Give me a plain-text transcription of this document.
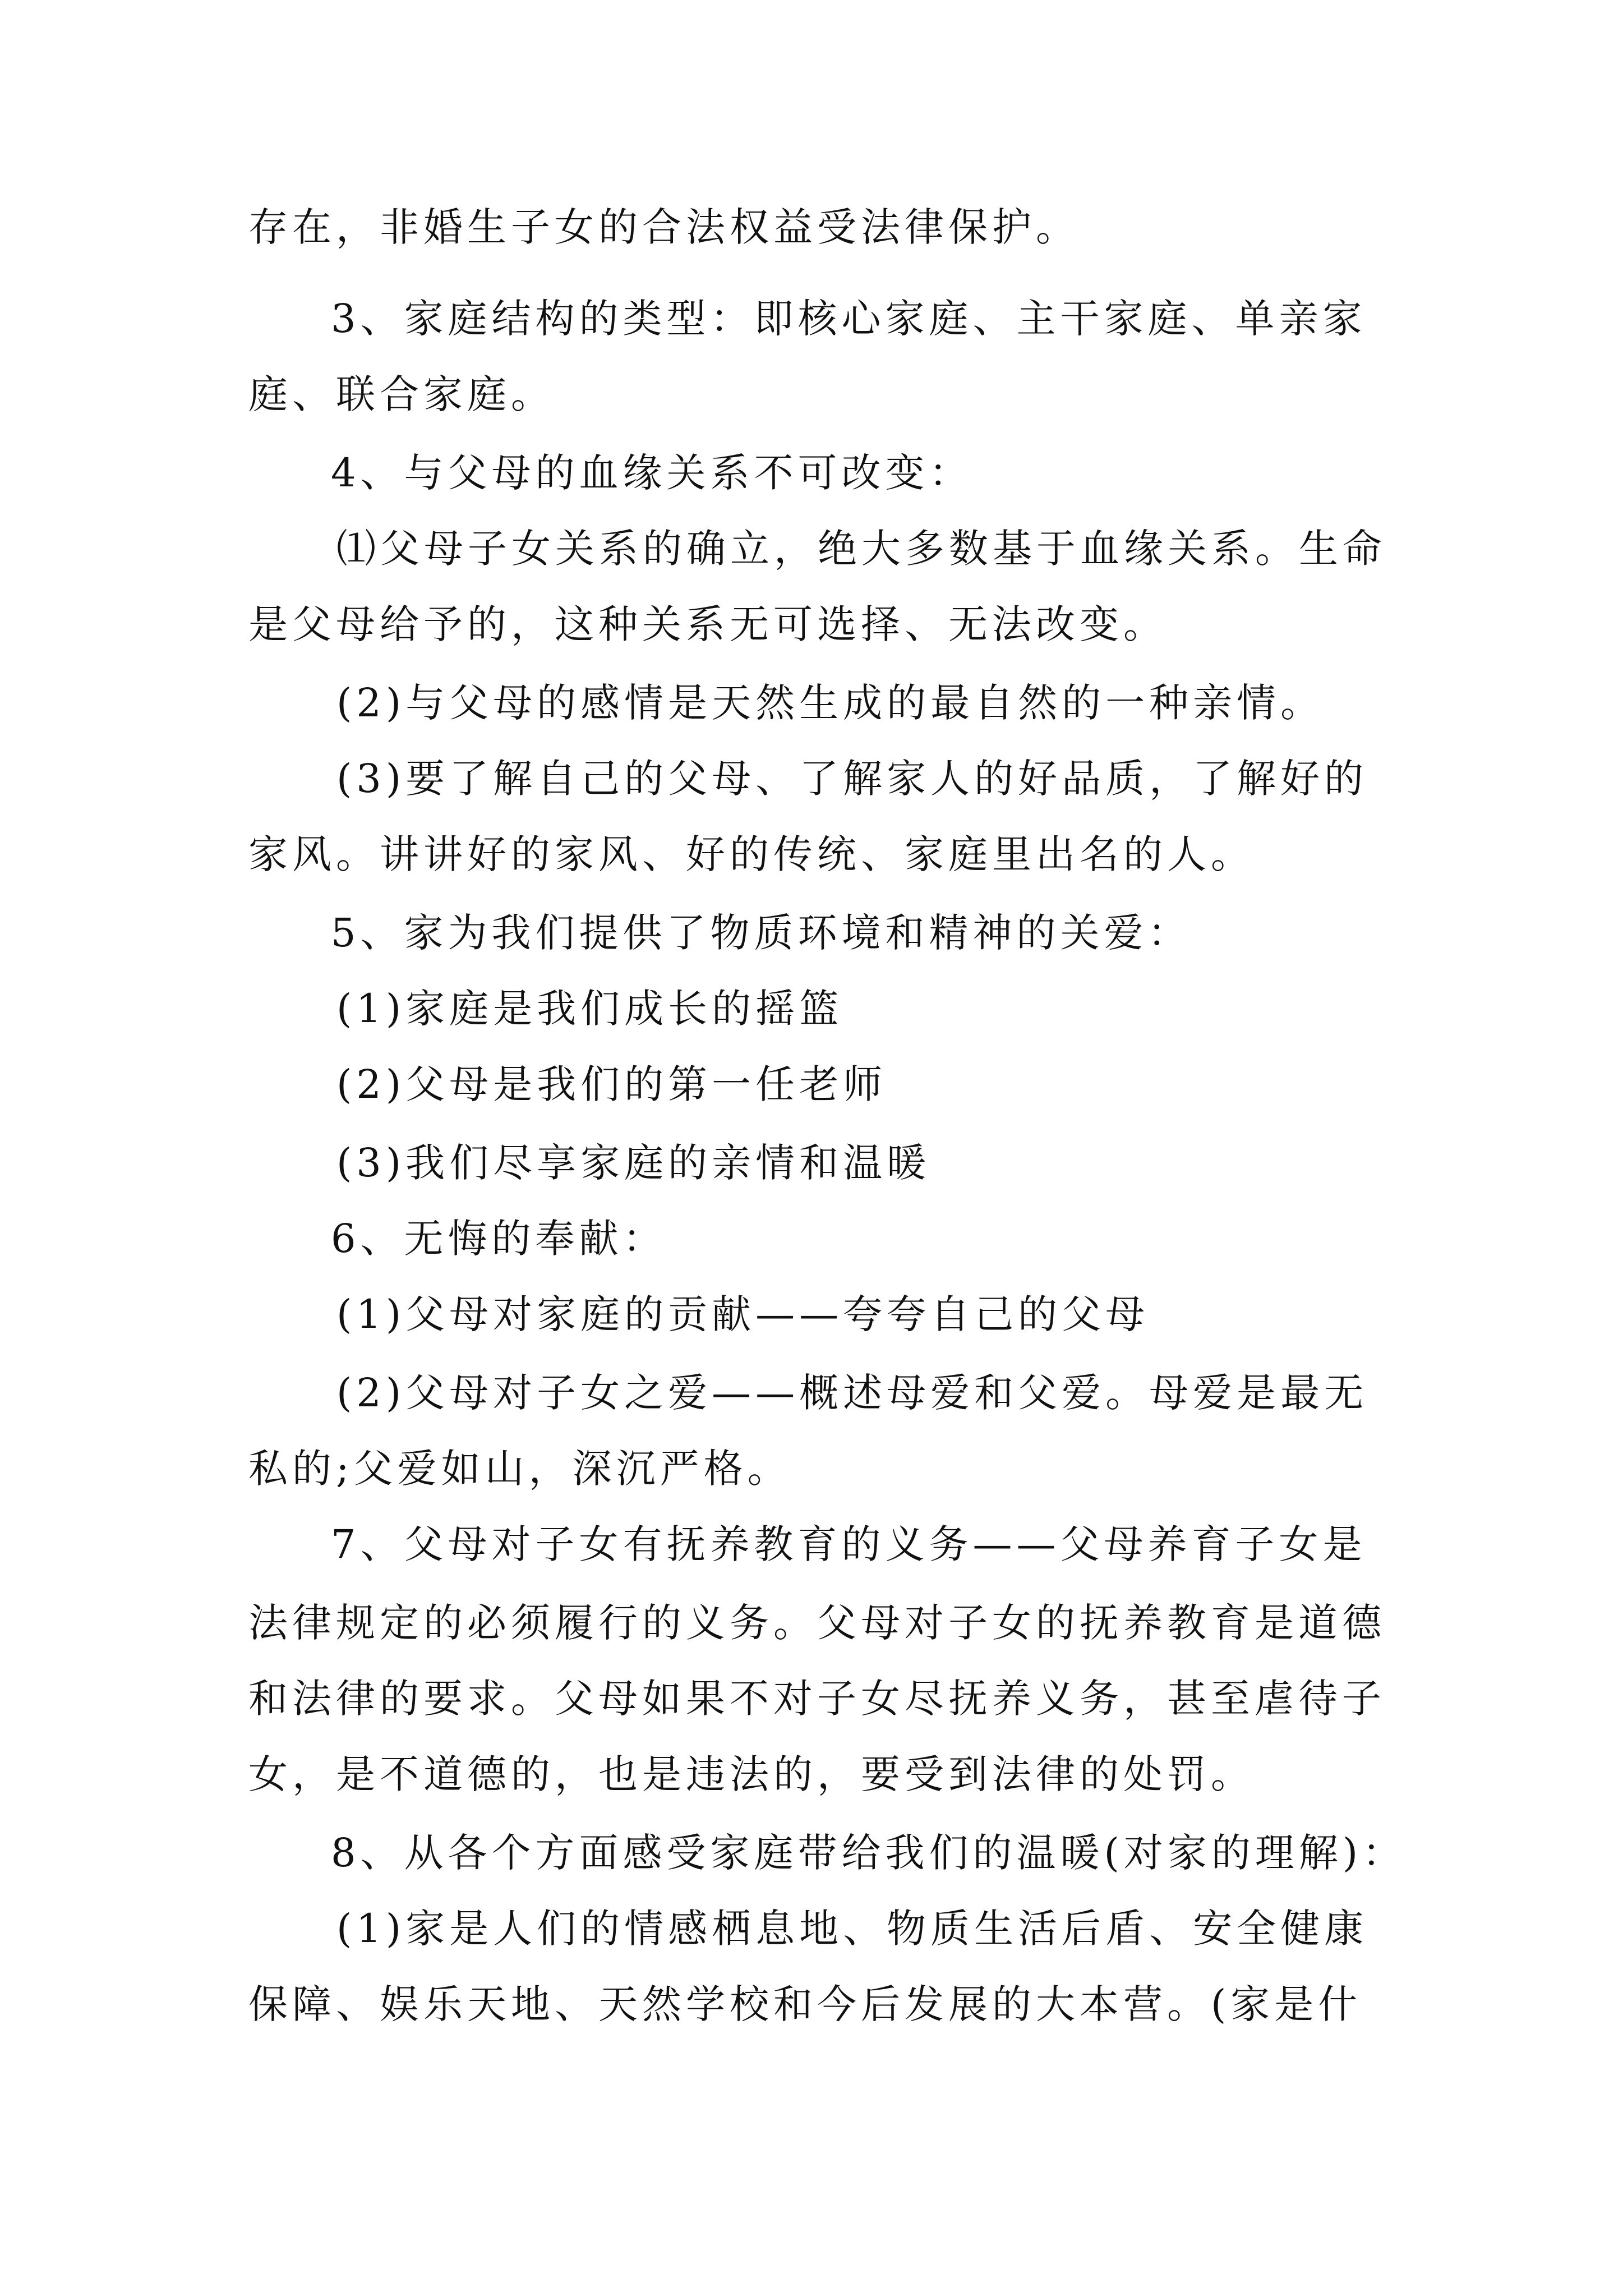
存在，非婚生子女的合法权益受法律保护。

3、家庭结构的类型：即核心家庭、主干家庭、单亲家

庭、联合家庭。

4、与父母的血缘关系不可改变：

⑴父母子女关系的确立，绝大多数基于血缘关系。生命

是父母给予的，这种关系无可选择、无法改变。

(2)与父母的感情是天然生成的最自然的一种亲情。

(3)要了解自己的父母、了解家人的好品质，了解好的

家风。讲讲好的家风、好的传统、家庭里出名的人。

5、家为我们提供了物质环境和精神的关爱：

(1)家庭是我们成长的摇篮

(2)父母是我们的第一任老师

(3)我们尽享家庭的亲情和温暖

6、无悔的奉献：

(1)父母对家庭的贡献——夸夸自己的父母

(2)父母对子女之爱——概述母爱和父爱。母爱是最无

私的;父爱如山，深沉严格。

7、父母对子女有抚养教育的义务——父母养育子女是

法律规定的必须履行的义务。父母对子女的抚养教育是道德

和法律的要求。父母如果不对子女尽抚养义务，甚至虐待子

女，是不道德的，也是违法的，要受到法律的处罚。

8、从各个方面感受家庭带给我们的温暖(对家的理解)：

(1)家是人们的情感栖息地、物质生活后盾、安全健康

保障、娱乐天地、天然学校和今后发展的大本营。(家是什
